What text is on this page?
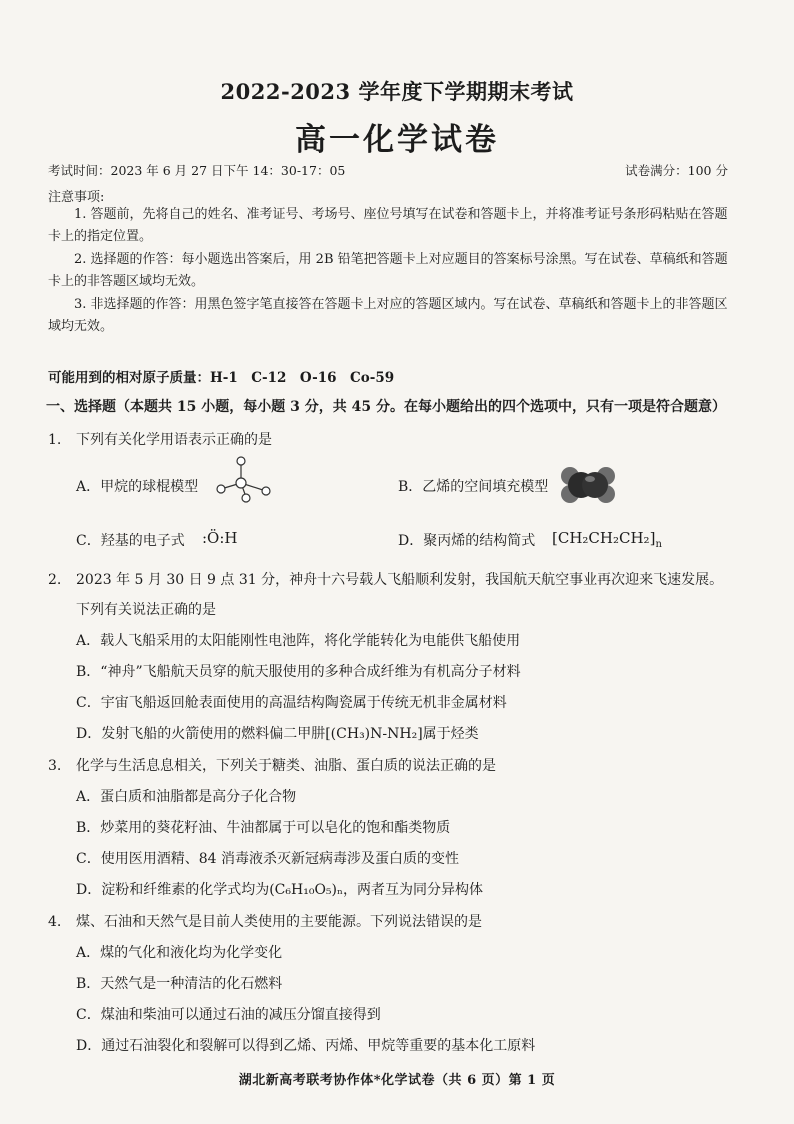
2022-2023 学年度下学期期末考试
高一化学试卷
考试时间：2023 年 6 月 27 日下午 14：30-17：05	试卷满分：100 分
注意事项:
1. 答题前，先将自己的姓名、准考证号、考场号、座位号填写在试卷和答题卡上，并将准考证号条形码粘贴在答题卡上的指定位置。
2. 选择题的作答：每小题选出答案后，用 2B 铅笔把答题卡上对应题目的答案标号涂黑。写在试卷、草稿纸和答题卡上的非答题区域均无效。
3. 非选择题的作答：用黑色签字笔直接答在答题卡上对应的答题区域内。写在试卷、草稿纸和答题卡上的非答题区域均无效。
可能用到的相对原子质量：H-1　C-12　O-16　Co-59
一、选择题（本题共 15 小题，每小题 3 分，共 45 分。在每小题给出的四个选项中，只有一项是符合题意）
1. 下列有关化学用语表示正确的是
A．甲烷的球棍模型	B．乙烯的空间填充模型
C．羟基的电子式 :Ö:H	D．聚丙烯的结构简式 $[CH_2CH_2CH_2]_n$
2. 2023 年 5 月 30 日 9 点 31 分，神舟十六号载人飞船顺利发射，我国航天航空事业再次迎来飞速发展。
下列有关说法正确的是
A．载人飞船采用的太阳能刚性电池阵，将化学能转化为电能供飞船使用
B．“神舟”飞船航天员穿的航天服使用的多种合成纤维为有机高分子材料
C．宇宙飞船返回舱表面使用的高温结构陶瓷属于传统无机非金属材料
D．发射飞船的火箭使用的燃料偏二甲肼[(CH₃)N-NH₂]属于烃类
3. 化学与生活息息相关，下列关于糖类、油脂、蛋白质的说法正确的是
A．蛋白质和油脂都是高分子化合物
B．炒菜用的葵花籽油、牛油都属于可以皂化的饱和酯类物质
C．使用医用酒精、84 消毒液杀灭新冠病毒涉及蛋白质的变性
D．淀粉和纤维素的化学式均为(C₆H₁₀O₅)ₙ，两者互为同分异构体
4. 煤、石油和天然气是目前人类使用的主要能源。下列说法错误的是
A．煤的气化和液化均为化学变化
B．天然气是一种清洁的化石燃料
C．煤油和柴油可以通过石油的减压分馏直接得到
D．通过石油裂化和裂解可以得到乙烯、丙烯、甲烷等重要的基本化工原料
湖北新高考联考协作体*化学试卷（共 6 页）第 1 页
